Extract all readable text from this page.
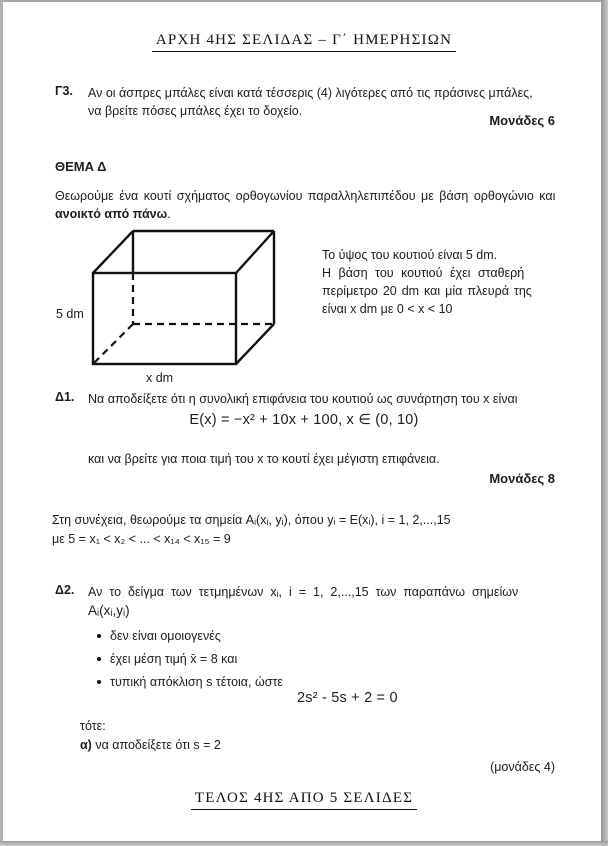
ΑΡΧΗ 4ΗΣ ΣΕΛΙΔΑΣ – Γ΄ ΗΜΕΡΗΣΙΩΝ
Γ3. Αν οι άσπρες μπάλες είναι κατά τέσσερις (4) λιγότερες από τις πράσινες μπάλες,
να βρείτε πόσες μπάλες έχει το δοχείο.
Μονάδες 6
ΘΕΜΑ Δ
Θεωρούμε ένα κουτί σχήματος ορθογωνίου παραλληλεπιπέδου με βάση ορθογώνιο και
ανοικτό από πάνω.
5 dm
x dm
Το ύψος του κουτιού είναι 5 dm.
Η βάση του κουτιού έχει σταθερή
περίμετρο 20 dm και μία πλευρά της
είναι x dm με 0 < x < 10
Δ1. Να αποδείξετε ότι η συνολική επιφάνεια του κουτιού ως συνάρτηση του x είναι
E(x) = −x² + 10x + 100, x ∈ (0, 10)
και να βρείτε για ποια τιμή του x το κουτί έχει μέγιστη επιφάνεια.
Μονάδες 8
Στη συνέχεια, θεωρούμε τα σημεία Aᵢ(xᵢ, yᵢ), όπου yᵢ = E(xᵢ), i = 1, 2,...,15
με 5 = x₁ < x₂ < ... < x₁₄ < x₁₅ = 9
Δ2. Αν το δείγμα των τετμημένων xᵢ, i = 1, 2,...,15 των παραπάνω σημείων
Aᵢ(xᵢ,yᵢ)
δεν είναι ομοιογενές
έχει μέση τιμή x̄ = 8 και
τυπική απόκλιση s τέτοια, ώστε
2s² - 5s + 2 = 0
τότε:
α) να αποδείξετε ότι s = 2
(μονάδες 4)
ΤΕΛΟΣ 4ΗΣ ΑΠΟ 5 ΣΕΛΙΔΕΣ
